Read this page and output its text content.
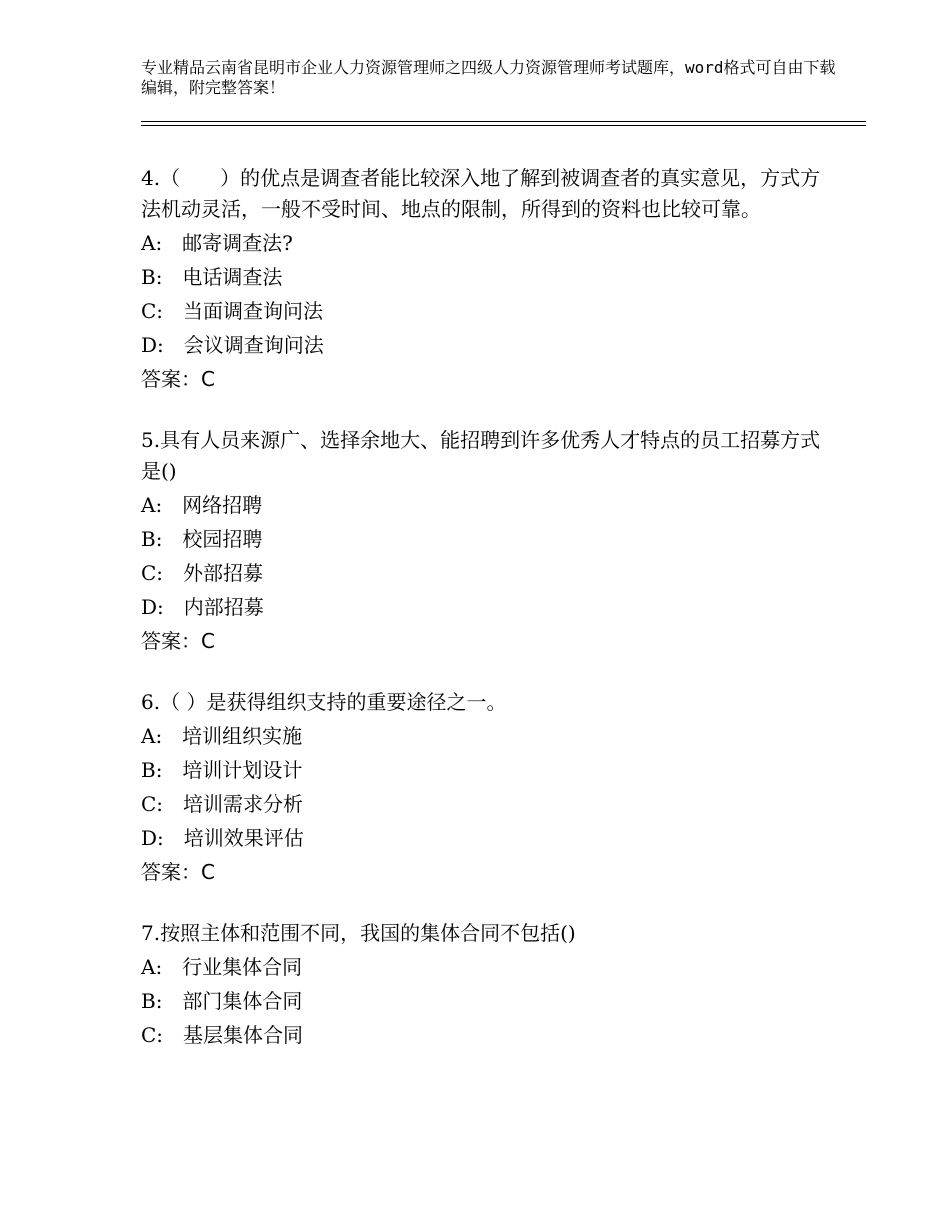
专业精品云南省昆明市企业人力资源管理师之四级人力资源管理师考试题库，word格式可自由下载编辑，附完整答案！
4.（　　）的优点是调查者能比较深入地了解到被调查者的真实意见，方式方法机动灵活，一般不受时间、地点的限制，所得到的资料也比较可靠。
A:　邮寄调查法?
B:　电话调查法
C:　当面调查询问法
D:　会议调查询问法
答案：C
5.具有人员来源广、选择余地大、能招聘到许多优秀人才特点的员工招募方式是()
A:　网络招聘
B:　校园招聘
C:　外部招募
D:　内部招募
答案：C
6.（ ）是获得组织支持的重要途径之一。
A:　培训组织实施
B:　培训计划设计
C:　培训需求分析
D:　培训效果评估
答案：C
7.按照主体和范围不同，我国的集体合同不包括()
A:　行业集体合同
B:　部门集体合同
C:　基层集体合同
